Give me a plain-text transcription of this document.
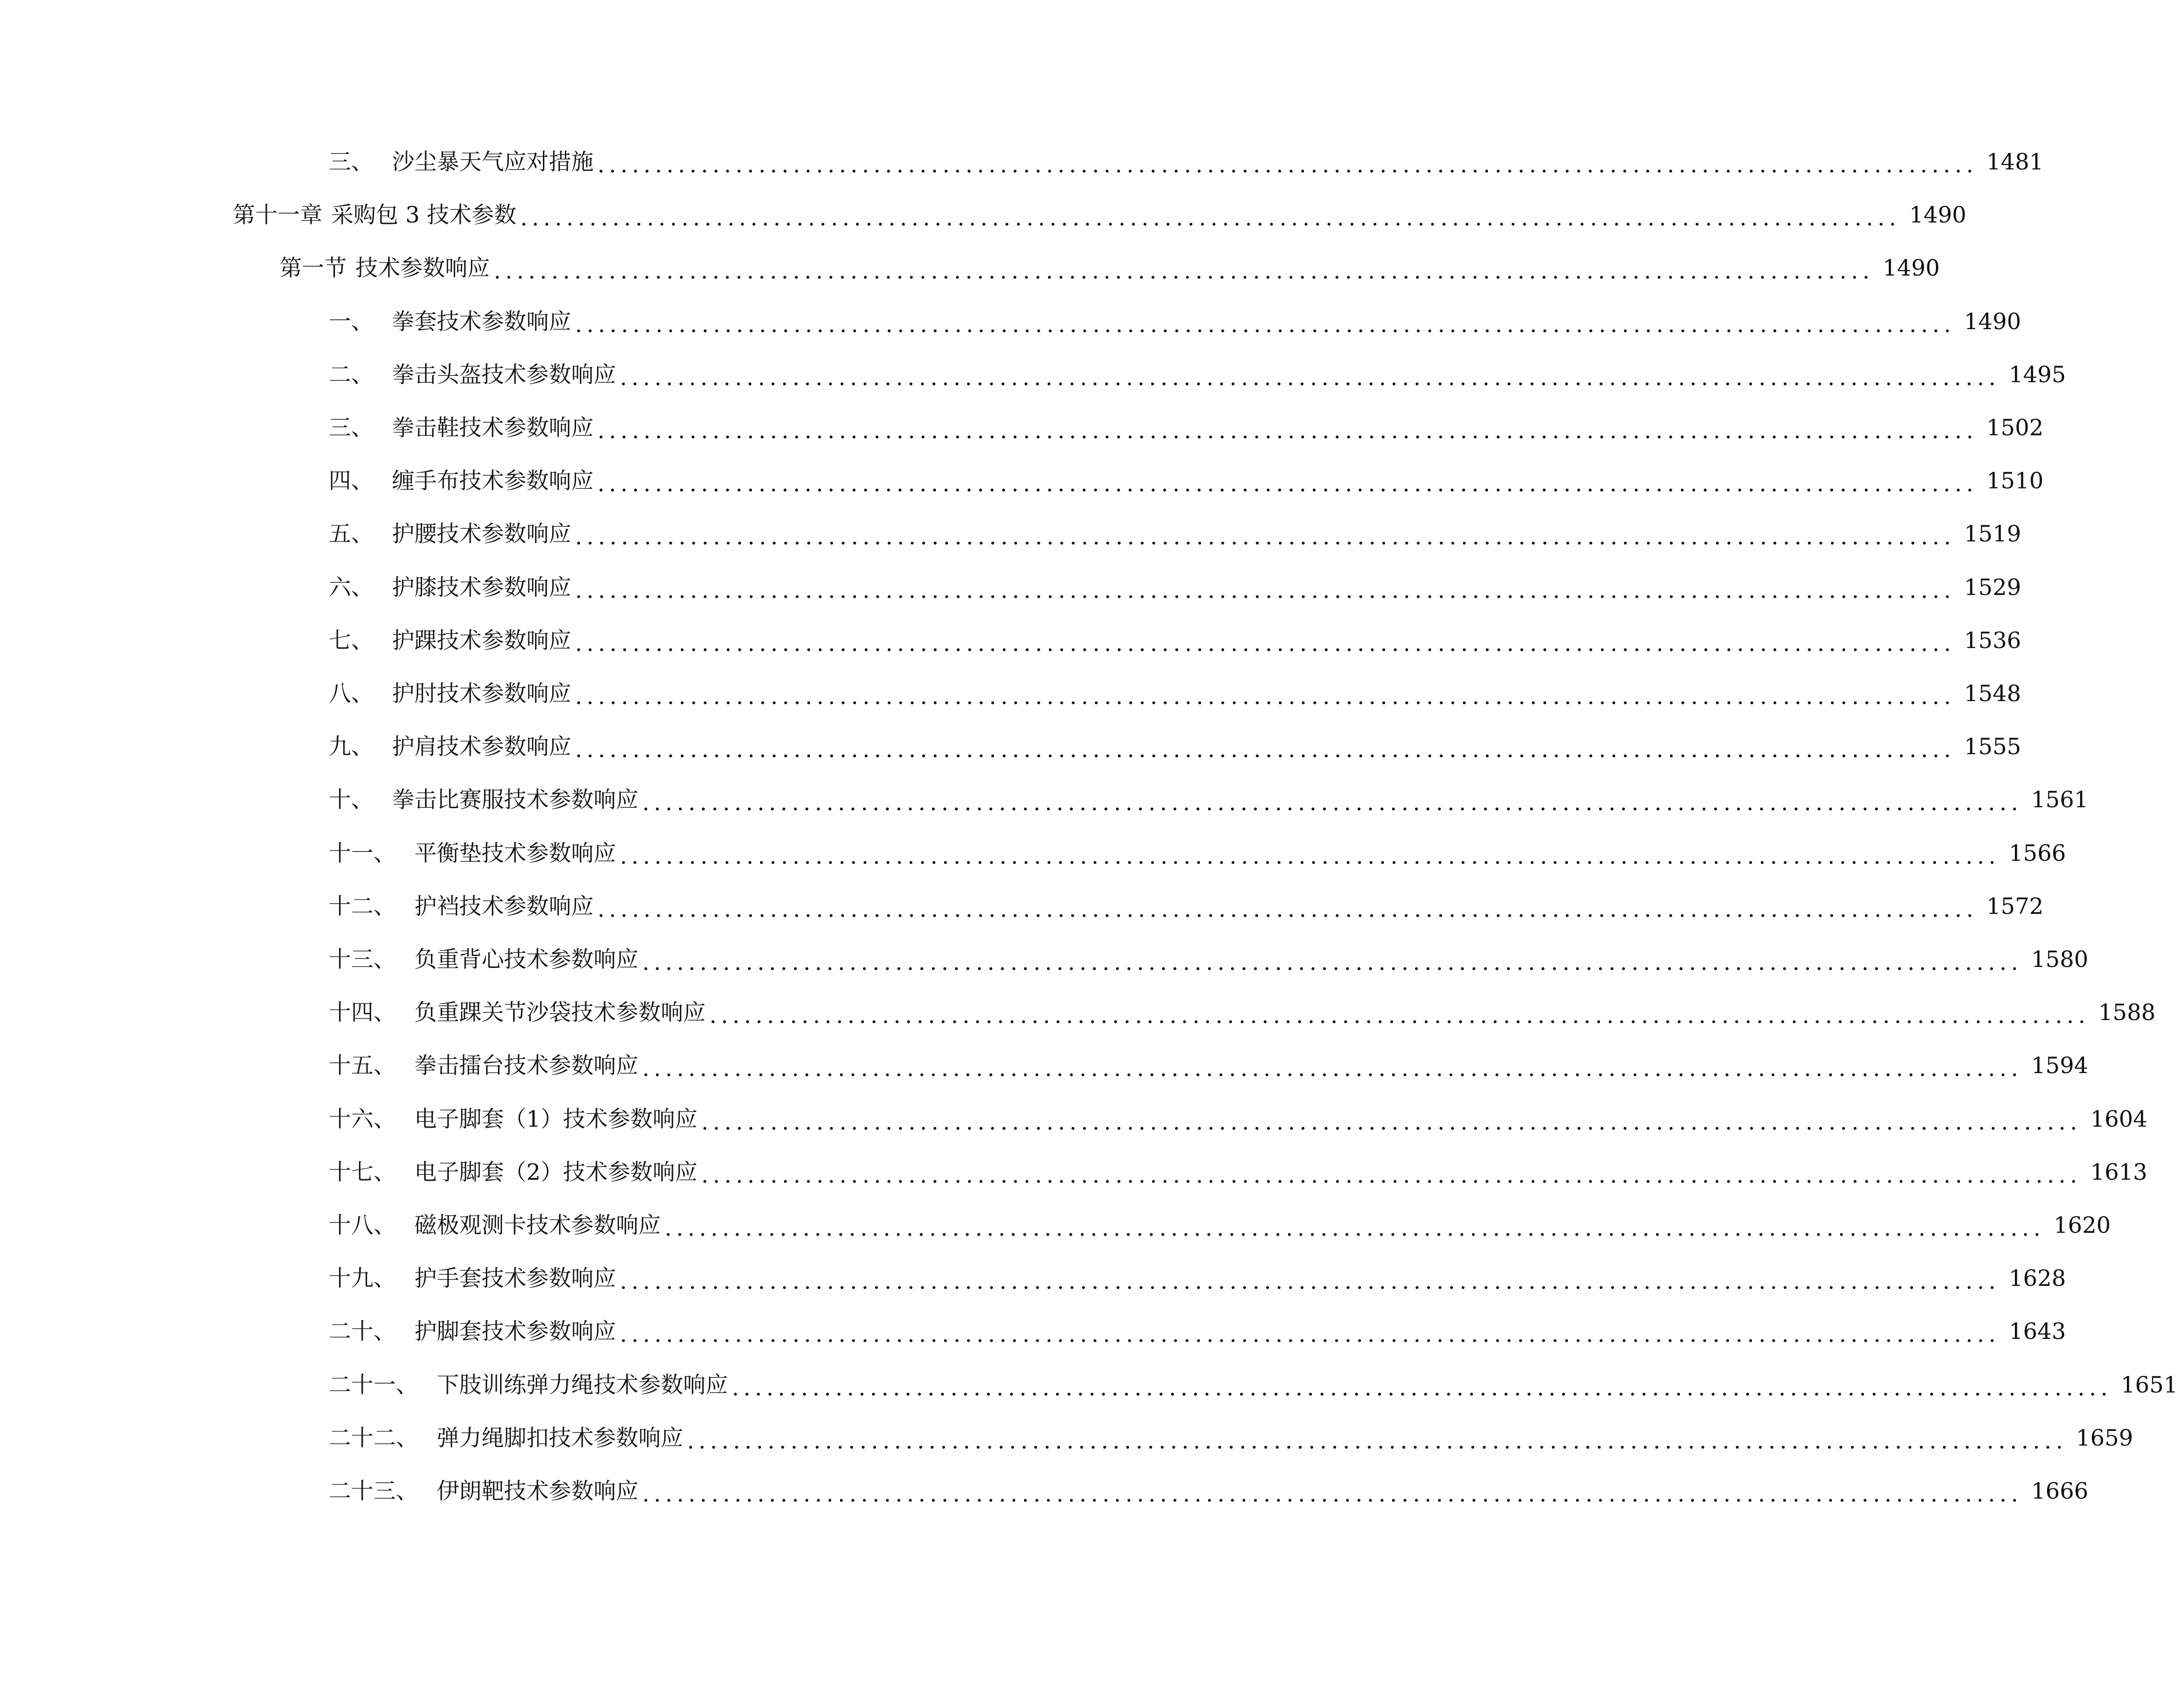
三、 沙尘暴天气应对措施 ........................................................................................................................ 1481
第十一章 采购包 3 技术参数 ........................................................................................................................ 1490
第一节 技术参数响应 ........................................................................................................................ 1490
一、 拳套技术参数响应 ........................................................................................................................ 1490
二、 拳击头盔技术参数响应 ........................................................................................................................ 1495
三、 拳击鞋技术参数响应 ........................................................................................................................ 1502
四、 缠手布技术参数响应 ........................................................................................................................ 1510
五、 护腰技术参数响应 ........................................................................................................................ 1519
六、 护膝技术参数响应 ........................................................................................................................ 1529
七、 护踝技术参数响应 ........................................................................................................................ 1536
八、 护肘技术参数响应 ........................................................................................................................ 1548
九、 护肩技术参数响应 ........................................................................................................................ 1555
十、 拳击比赛服技术参数响应 ........................................................................................................................ 1561
十一、 平衡垫技术参数响应 ........................................................................................................................ 1566
十二、 护裆技术参数响应 ........................................................................................................................ 1572
十三、 负重背心技术参数响应 ........................................................................................................................ 1580
十四、 负重踝关节沙袋技术参数响应 ........................................................................................................................ 1588
十五、 拳击擂台技术参数响应 ........................................................................................................................ 1594
十六、 电子脚套（1）技术参数响应 ........................................................................................................................ 1604
十七、 电子脚套（2）技术参数响应 ........................................................................................................................ 1613
十八、 磁极观测卡技术参数响应 ........................................................................................................................ 1620
十九、 护手套技术参数响应 ........................................................................................................................ 1628
二十、 护脚套技术参数响应 ........................................................................................................................ 1643
二十一、 下肢训练弹力绳技术参数响应 ........................................................................................................................ 1651
二十二、 弹力绳脚扣技术参数响应 ........................................................................................................................ 1659
二十三、 伊朗靶技术参数响应 ........................................................................................................................ 1666
